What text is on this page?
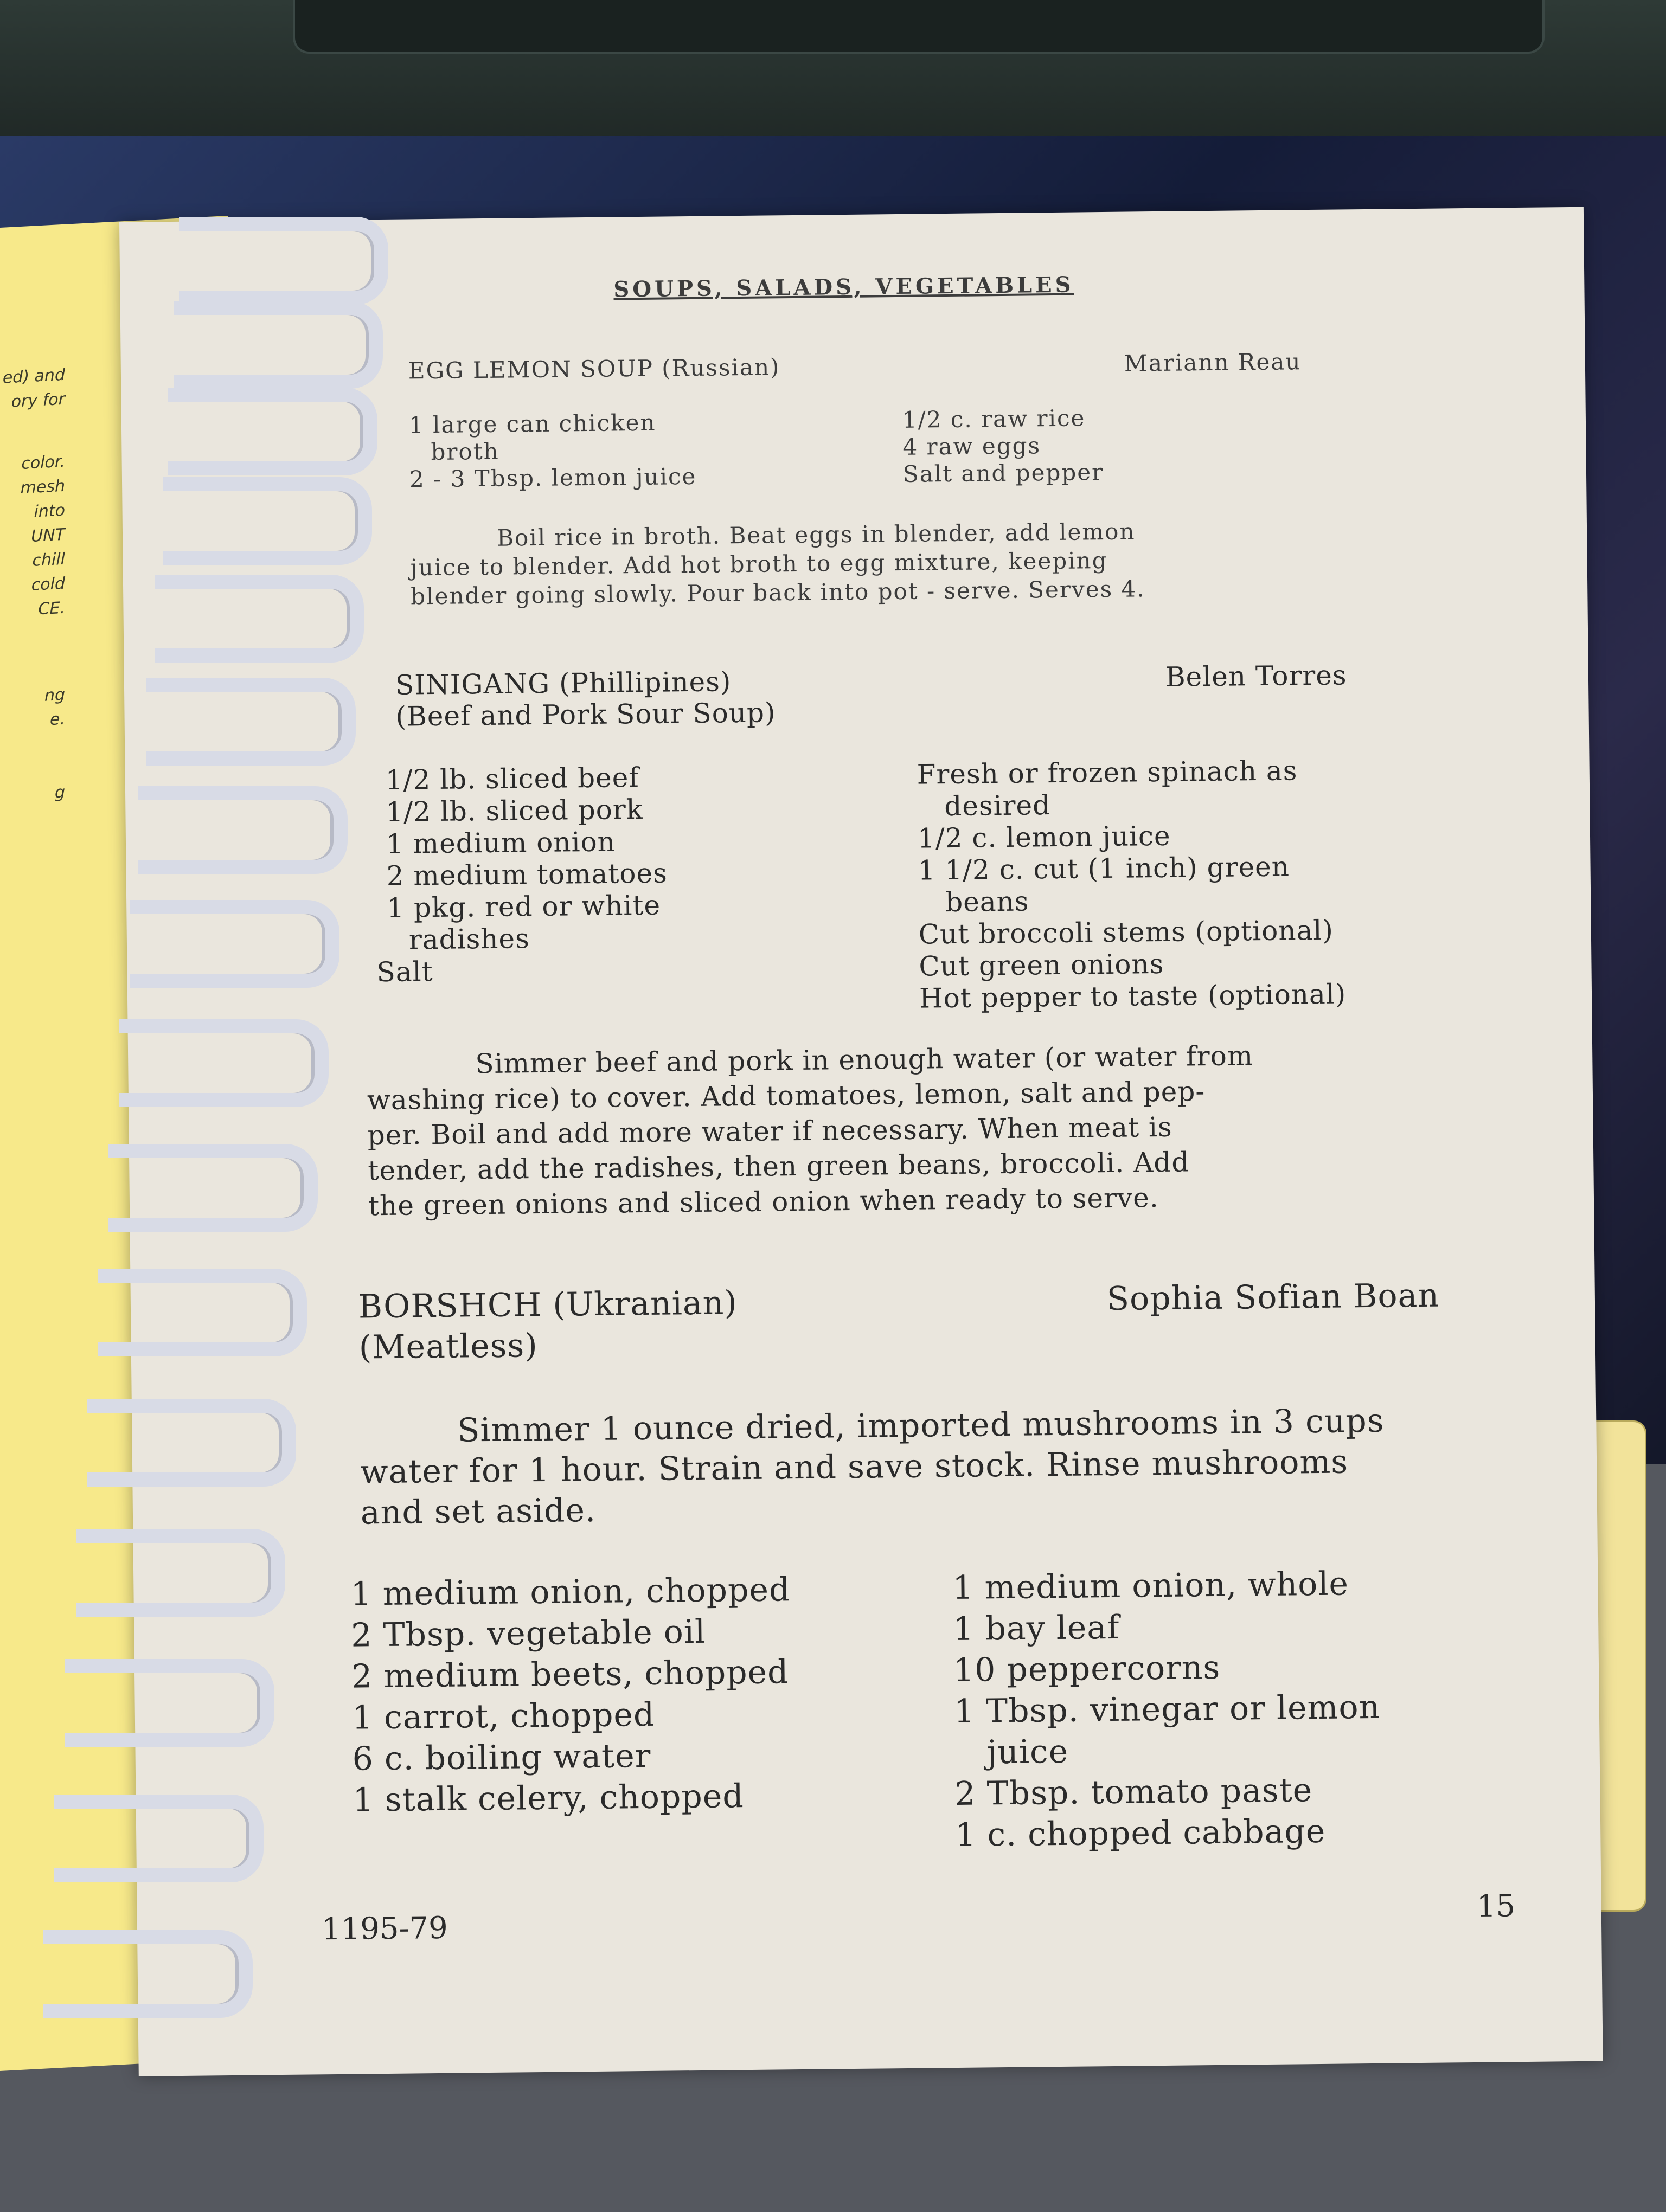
ed) and
ory for
color.
mesh
into
UNT
chill
cold
CE.
ng
e.
g
SOUPS, SALADS, VEGETABLES
EGG LEMON SOUP (Russian)	Mariann Reau
1 large can chicken
broth
2 - 3 Tbsp. lemon juice
1/2 c. raw rice
4 raw eggs
Salt and pepper
Boil rice in broth. Beat eggs in blender, add lemon
juice to blender. Add hot broth to egg mixture, keeping
blender going slowly. Pour back into pot - serve. Serves 4.
SINIGANG (Phillipines)
(Beef and Pork Sour Soup)
Belen Torres
1/2 lb. sliced beef
1/2 lb. sliced pork
1 medium onion
2 medium tomatoes
1 pkg. red or white
radishes
Salt
Fresh or frozen spinach as
desired
1/2 c. lemon juice
1 1/2 c. cut (1 inch) green
beans
Cut broccoli stems (optional)
Cut green onions
Hot pepper to taste (optional)
Simmer beef and pork in enough water (or water from
washing rice) to cover. Add tomatoes, lemon, salt and pep-
per. Boil and add more water if necessary. When meat is
tender, add the radishes, then green beans, broccoli. Add
the green onions and sliced onion when ready to serve.
BORSHCH (Ukranian)
(Meatless)
Sophia Sofian Boan
Simmer 1 ounce dried, imported mushrooms in 3 cups
water for 1 hour. Strain and save stock. Rinse mushrooms
and set aside.
1 medium onion, chopped
2 Tbsp. vegetable oil
2 medium beets, chopped
1 carrot, chopped
6 c. boiling water
1 stalk celery, chopped
1 medium onion, whole
1 bay leaf
10 peppercorns
1 Tbsp. vinegar or lemon
juice
2 Tbsp. tomato paste
1 c. chopped cabbage
1195-79
15
